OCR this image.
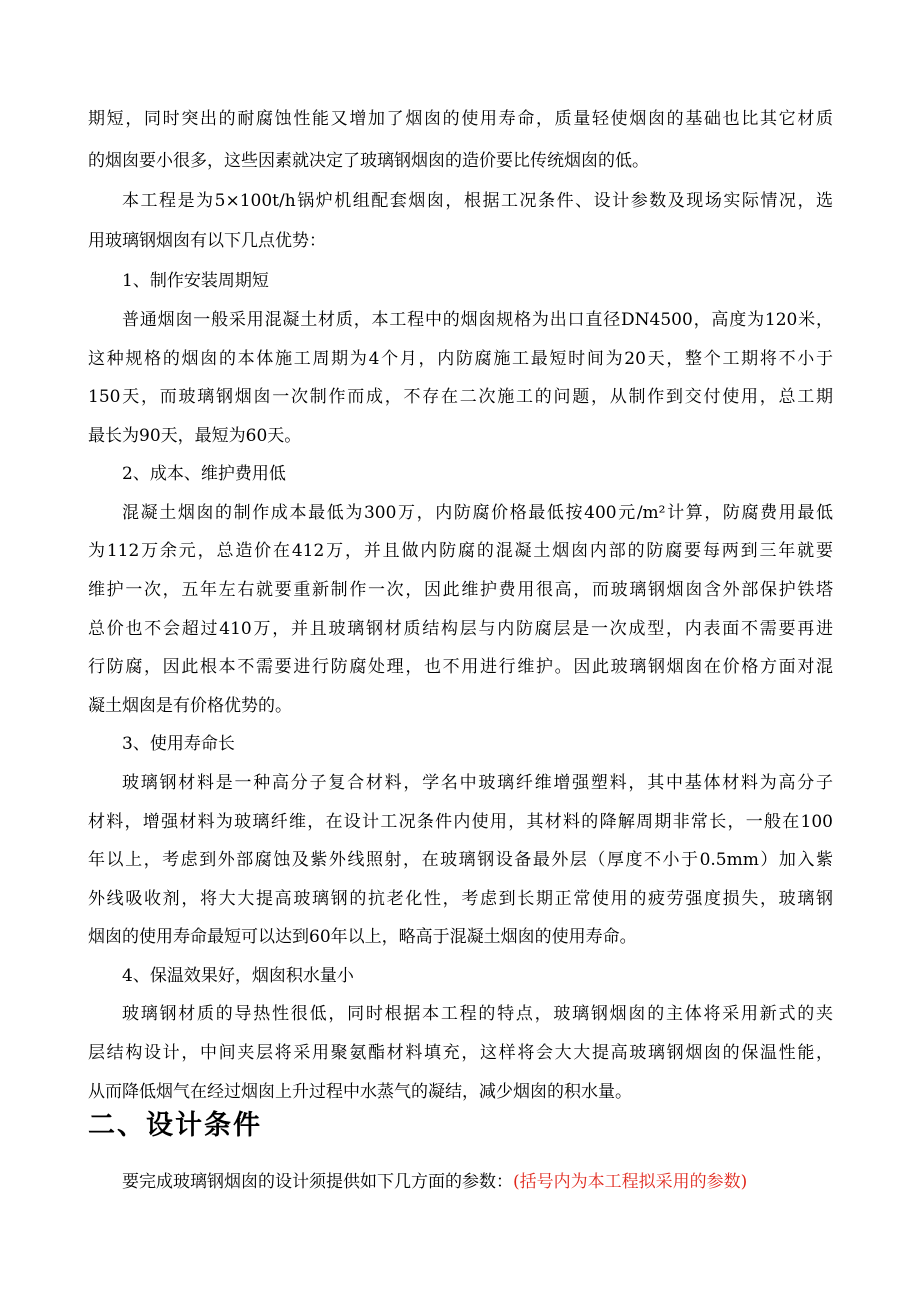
期短，同时突出的耐腐蚀性能又增加了烟囱的使用寿命，质量轻使烟囱的基础也比其它材质
的烟囱要小很多，这些因素就决定了玻璃钢烟囱的造价要比传统烟囱的低。
本工程是为5×100t/h锅炉机组配套烟囱，根据工况条件、设计参数及现场实际情况，选
用玻璃钢烟囱有以下几点优势：
1、制作安装周期短
普通烟囱一般采用混凝土材质，本工程中的烟囱规格为出口直径DN4500，高度为120米，
这种规格的烟囱的本体施工周期为4个月，内防腐施工最短时间为20天，整个工期将不小于
150天，而玻璃钢烟囱一次制作而成，不存在二次施工的问题，从制作到交付使用，总工期
最长为90天，最短为60天。
2、成本、维护费用低
混凝土烟囱的制作成本最低为300万，内防腐价格最低按400元/m²计算，防腐费用最低
为112万余元，总造价在412万，并且做内防腐的混凝土烟囱内部的防腐要每两到三年就要
维护一次，五年左右就要重新制作一次，因此维护费用很高，而玻璃钢烟囱含外部保护铁塔
总价也不会超过410万，并且玻璃钢材质结构层与内防腐层是一次成型，内表面不需要再进
行防腐，因此根本不需要进行防腐处理，也不用进行维护。因此玻璃钢烟囱在价格方面对混
凝土烟囱是有价格优势的。
3、使用寿命长
玻璃钢材料是一种高分子复合材料，学名中玻璃纤维增强塑料，其中基体材料为高分子
材料，增强材料为玻璃纤维，在设计工况条件内使用，其材料的降解周期非常长，一般在100
年以上，考虑到外部腐蚀及紫外线照射，在玻璃钢设备最外层（厚度不小于0.5mm）加入紫
外线吸收剂，将大大提高玻璃钢的抗老化性，考虑到长期正常使用的疲劳强度损失，玻璃钢
烟囱的使用寿命最短可以达到60年以上，略高于混凝土烟囱的使用寿命。
4、保温效果好，烟囱积水量小
玻璃钢材质的导热性很低，同时根据本工程的特点，玻璃钢烟囱的主体将采用新式的夹
层结构设计，中间夹层将采用聚氨酯材料填充，这样将会大大提高玻璃钢烟囱的保温性能，
从而降低烟气在经过烟囱上升过程中水蒸气的凝结，减少烟囱的积水量。
二、设计条件
要完成玻璃钢烟囱的设计须提供如下几方面的参数：(括号内为本工程拟采用的参数)
